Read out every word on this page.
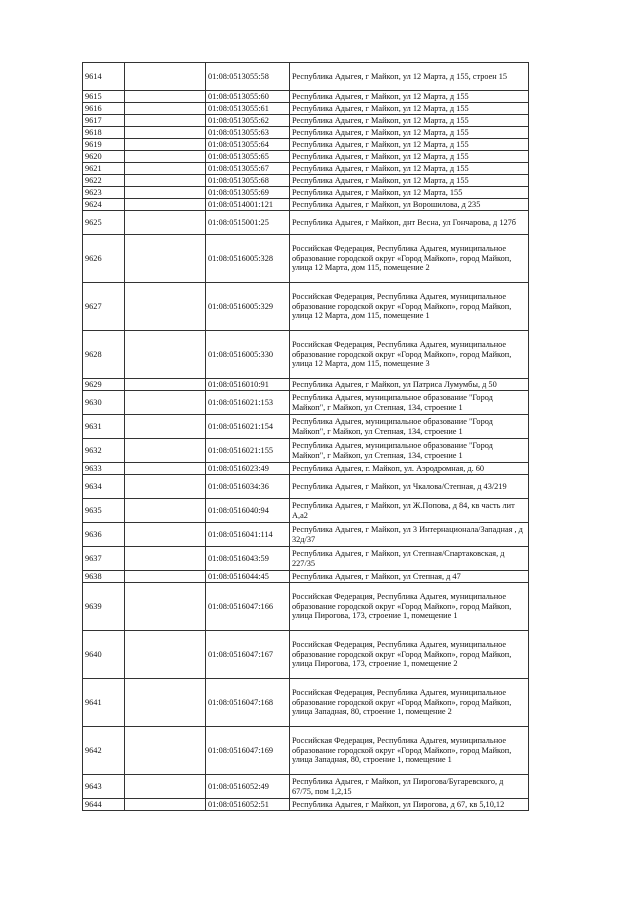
9614		01:08:0513055:58	Республика Адыгея, г Майкоп, ул 12 Марта, д 155, строен 15
9615		01:08:0513055:60	Республика Адыгея, г Майкоп, ул 12 Марта, д 155
9616		01:08:0513055:61	Республика Адыгея, г Майкоп, ул 12 Марта, д 155
9617		01:08:0513055:62	Республика Адыгея, г Майкоп, ул 12 Марта, д 155
9618		01:08:0513055:63	Республика Адыгея, г Майкоп, ул 12 Марта, д 155
9619		01:08:0513055:64	Республика Адыгея, г Майкоп, ул 12 Марта, д 155
9620		01:08:0513055:65	Республика Адыгея, г Майкоп, ул 12 Марта, д 155
9621		01:08:0513055:67	Республика Адыгея, г Майкоп, ул 12 Марта, д 155
9622		01:08:0513055:68	Республика Адыгея, г Майкоп, ул 12 Марта, д 155
9623		01:08:0513055:69	Республика Адыгея, г Майкоп, ул 12 Марта, 155
9624		01:08:0514001:121	Республика Адыгея, г Майкоп, ул Ворошилова, д 235
9625		01:08:0515001:25	Республика Адыгея, г Майкоп, днт Весна, ул Гончарова, д 127б
9626		01:08:0516005:328	Российская Федерация, Республика Адыгея, муниципальное образование городской округ «Город Майкоп», город Майкоп, улица 12 Марта, дом 115, помещение 2
9627		01:08:0516005:329	Российская Федерация, Республика Адыгея, муниципальное образование городской округ «Город Майкоп», город Майкоп, улица 12 Марта, дом 115, помещение 1
9628		01:08:0516005:330	Российская Федерация, Республика Адыгея, муниципальное образование городской округ «Город Майкоп», город Майкоп, улица 12 Марта, дом 115, помещение 3
9629		01:08:0516010:91	Республика Адыгея, г Майкоп, ул Патриса Лумумбы, д 50
9630		01:08:0516021:153	Республика Адыгея, муниципальное образование "Город Майкоп", г Майкоп, ул Степная, 134, строение 1
9631		01:08:0516021:154	Республика Адыгея, муниципальное образование "Город Майкоп", г Майкоп, ул Степная, 134, строение 1
9632		01:08:0516021:155	Республика Адыгея, муниципальное образование "Город Майкоп", г Майкоп, ул Степная, 134, строение 1
9633		01:08:0516023:49	Республика Адыгея, г. Майкоп, ул. Аэродромная, д. 60
9634		01:08:0516034:36	Республика Адыгея, г Майкоп, ул Чкалова/Степная, д 43/219
9635		01:08:0516040:94	Республика Адыгея, г Майкоп, ул Ж.Попова, д 84, кв часть лит А,а2
9636		01:08:0516041:114	Республика Адыгея, г Майкоп, ул 3 Интернационала/Западная , д 32д/37
9637		01:08:0516043:59	Республика Адыгея, г Майкоп, ул Степная/Спартаковская, д 227/35
9638		01:08:0516044:45	Республика Адыгея, г Майкоп, ул Степная, д 47
9639		01:08:0516047:166	Российская Федерация, Республика Адыгея, муниципальное образование городской округ «Город Майкоп», город Майкоп, улица Пирогова, 173, строение 1, помещение 1
9640		01:08:0516047:167	Российская Федерация, Республика Адыгея, муниципальное образование городской округ «Город Майкоп», город Майкоп, улица Пирогова, 173, строение 1, помещение 2
9641		01:08:0516047:168	Российская Федерация, Республика Адыгея, муниципальное образование городской округ «Город Майкоп», город Майкоп, улица Западная, 80, строение 1, помещение 2
9642		01:08:0516047:169	Российская Федерация, Республика Адыгея, муниципальное образование городской округ «Город Майкоп», город Майкоп, улица Западная, 80, строение 1, помещение 1
9643		01:08:0516052:49	Республика Адыгея, г Майкоп, ул Пирогова/Бугаревского, д 67/75, пом 1,2,15
9644		01:08:0516052:51	Республика Адыгея, г Майкоп, ул Пирогова, д 67, кв 5,10,12
